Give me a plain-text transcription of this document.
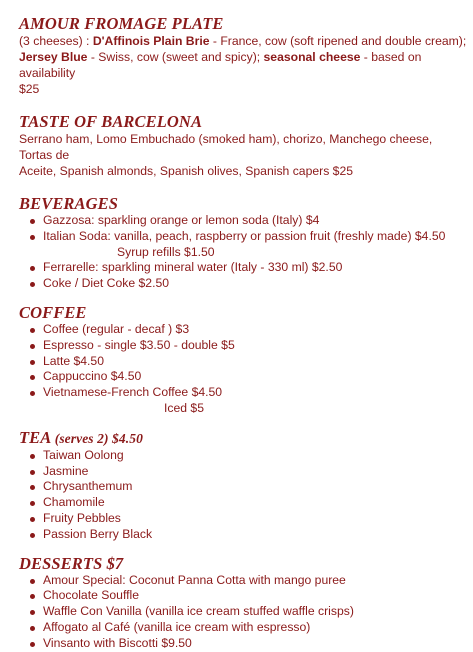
AMOUR FROMAGE PLATE

(3 cheeses) : D'Affinois Plain Brie - France, cow (soft ripened and double cream);

Jersey Blue - Swiss, cow (sweet and spicy); seasonal cheese - based on availability

$25

TASTE OF BARCELONA

Serrano ham, Lomo Embuchado (smoked ham), chorizo, Manchego cheese, Tortas de

Aceite, Spanish almonds, Spanish olives, Spanish capers $25

BEVERAGES
Gazzosa: sparkling orange or lemon soda (Italy) $4
Italian Soda: vanilla, peach, raspberry or passion fruit (freshly made) $4.50
Syrup refills $1.50
Ferrarelle: sparkling mineral water (Italy - 330 ml) $2.50
Coke / Diet Coke $2.50
COFFEE
Coffee (regular - decaf ) $3
Espresso - single $3.50 - double $5
Latte $4.50
Cappuccino $4.50
Vietnamese-French Coffee $4.50
Iced $5
TEA (serves 2) $4.50
Taiwan Oolong
Jasmine
Chrysanthemum
Chamomile
Fruity Pebbles
Passion Berry Black
DESSERTS $7
Amour Special: Coconut Panna Cotta with mango puree
Chocolate Souffle
Waffle Con Vanilla (vanilla ice cream stuffed waffle crisps)
Affogato al Café (vanilla ice cream with espresso)
Vinsanto with Biscotti $9.50
